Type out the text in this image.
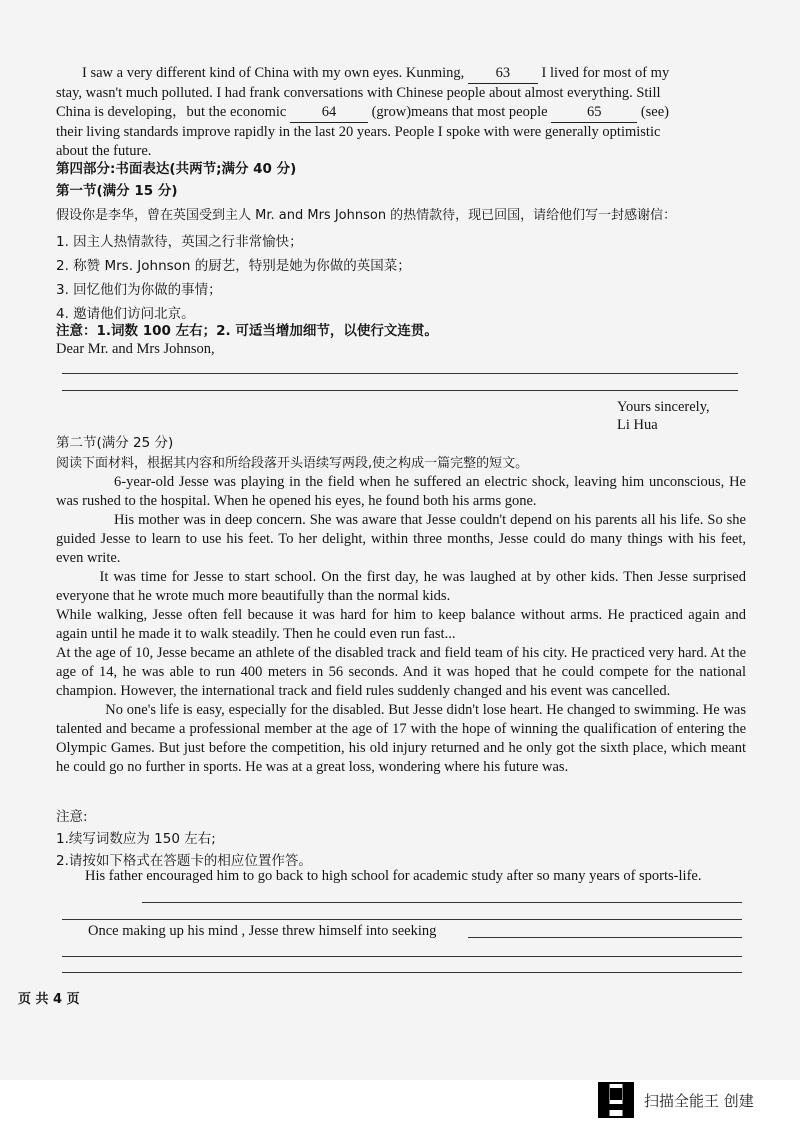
I saw a very different kind of China with my own eyes. Kunming, 63 I lived for most of my
stay, wasn't much polluted. I had frank conversations with Chinese people about almost everything. Still
China is developing，but the economic 64 (grow)means that most people	65	(see)
their living standards improve rapidly in the last 20 years. People I spoke with were generally optimistic
about the future.
第四部分:书面表达(共两节;满分 40 分)
第一节(满分 15 分)
假设你是李华，曾在英国受到主人 Mr. and Mrs Johnson 的热情款待，现已回国，请给他们写一封感谢信：
1. 因主人热情款待，英国之行非常愉快；
2. 称赞 Mrs. Johnson 的厨艺，特别是她为你做的英国菜；
3. 回忆他们为你做的事情；
4. 邀请他们访问北京。
注意：1.词数 100 左右；2. 可适当增加细节，以使行文连贯。
Dear Mr. and Mrs Johnson,
Yours sincerely,
Li Hua
第二节(满分 25 分)
阅读下面材料，根据其内容和所给段落开头语续写两段,使之构成一篇完整的短文。
6-year-old Jesse was playing in the field when he suffered an electric shock, leaving him unconscious, He was rushed to the hospital. When he opened his eyes, he found both his arms gone.
His mother was in deep concern. She was aware that Jesse couldn't depend on his parents all his life. So she guided Jesse to learn to use his feet. To her delight, within three months, Jesse could do many things with his feet, even write.
It was time for Jesse to start school. On the first day, he was laughed at by other kids. Then Jesse surprised everyone that he wrote much more beautifully than the normal kids.
While walking, Jesse often fell because it was hard for him to keep balance without arms. He practiced again and again until he made it to walk steadily. Then he could even run fast...
At the age of 10, Jesse became an athlete of the disabled track and field team of his city. He practiced very hard. At the age of 14, he was able to run 400 meters in 56 seconds. And it was hoped that he could compete for the national champion. However, the international track and field rules suddenly changed and his event was cancelled.
No one's life is easy, especially for the disabled. But Jesse didn't lose heart. He changed to swimming. He was talented and became a professional member at the age of 17 with the hope of winning the qualification of entering the Olympic Games. But just before the competition, his old injury returned and he only got the sixth place, which meant he could go no further in sports. He was at a great loss, wondering where his future was.
注意:
1.续写词数应为 150 左右;
2.请按如下格式在答题卡的相应位置作答。
His father encouraged him to go back to high school for academic study after so many years of sports-life.
Once making up his mind , Jesse threw himself into seeking
页 共 4 页
扫描全能王 创建
